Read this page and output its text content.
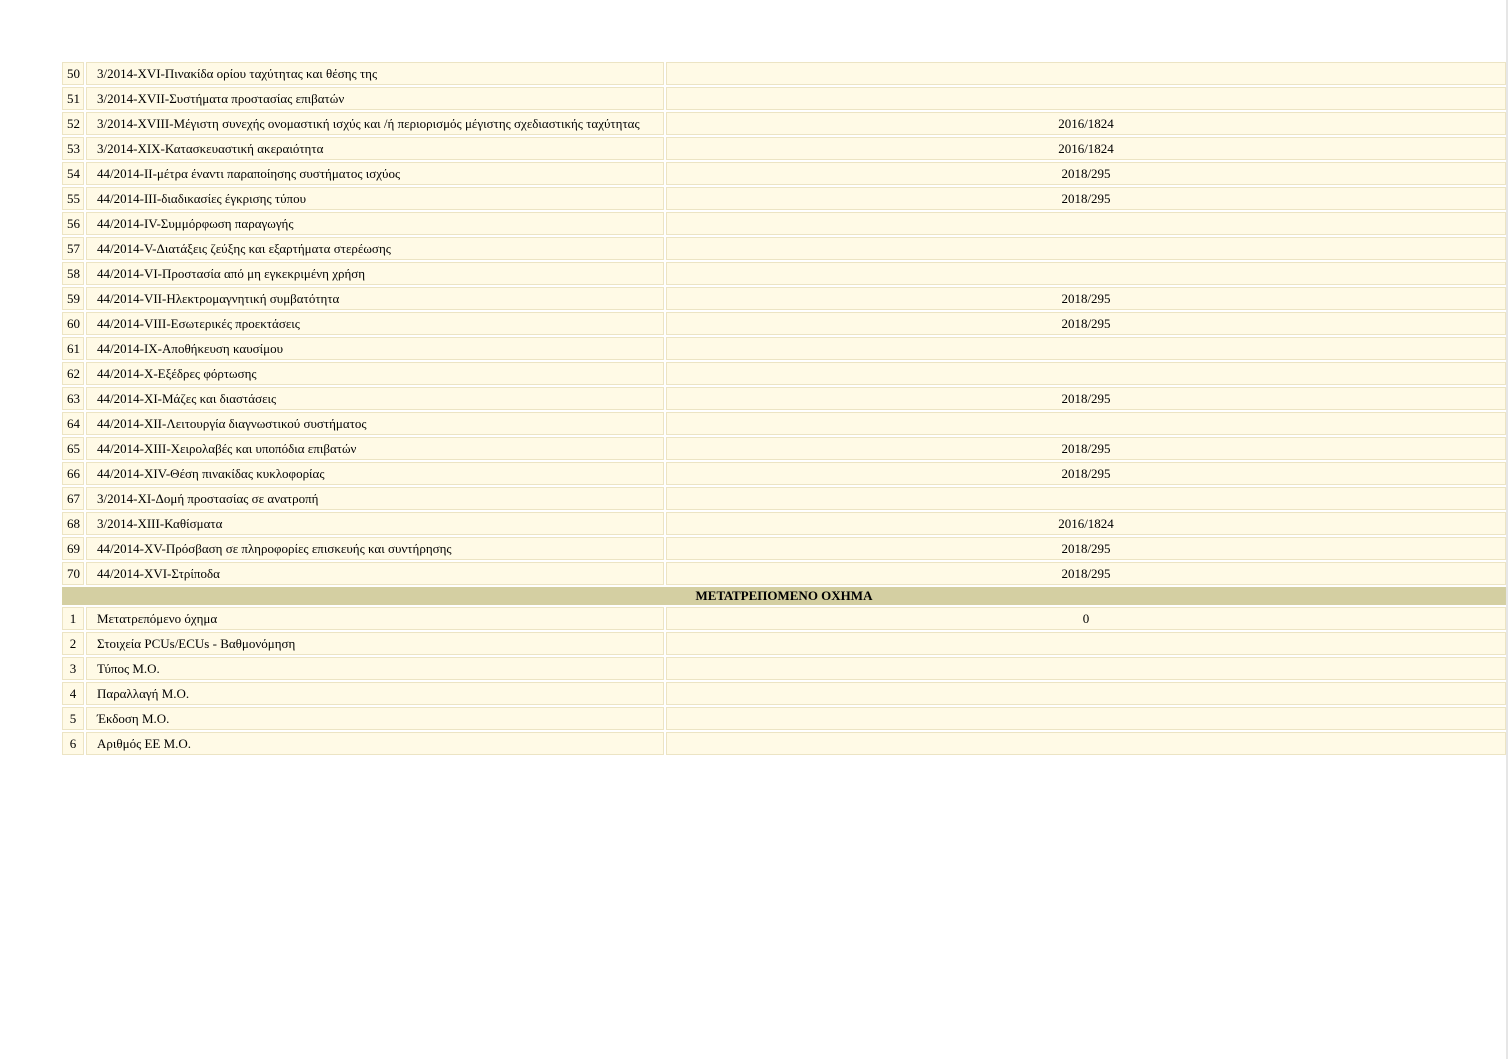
50	3/2014-XVI-Πινακίδα ορίου ταχύτητας και θέσης της	
51	3/2014-XVII-Συστήματα προστασίας επιβατών	
52	3/2014-XVIII-Μέγιστη συνεχής ονομαστική ισχύς και /ή περιορισμός μέγιστης σχεδιαστικής ταχύτητας	2016/1824
53	3/2014-XIX-Κατασκευαστική ακεραιότητα	2016/1824
54	44/2014-II-μέτρα έναντι παραποίησης συστήματος ισχύος	2018/295
55	44/2014-III-διαδικασίες έγκρισης τύπου	2018/295
56	44/2014-IV-Συμμόρφωση παραγωγής	
57	44/2014-V-Διατάξεις ζεύξης και εξαρτήματα στερέωσης	
58	44/2014-VI-Προστασία από μη εγκεκριμένη χρήση	
59	44/2014-VII-Ηλεκτρομαγνητική συμβατότητα	2018/295
60	44/2014-VIII-Εσωτερικές προεκτάσεις	2018/295
61	44/2014-IX-Αποθήκευση καυσίμου	
62	44/2014-X-Εξέδρες φόρτωσης	
63	44/2014-XI-Μάζες και διαστάσεις	2018/295
64	44/2014-XII-Λειτουργία διαγνωστικού συστήματος	
65	44/2014-XIII-Χειρολαβές και υποπόδια επιβατών	2018/295
66	44/2014-XIV-Θέση πινακίδας κυκλοφορίας	2018/295
67	3/2014-XI-Δομή προστασίας σε ανατροπή	
68	3/2014-XIII-Καθίσματα	2016/1824
69	44/2014-XV-Πρόσβαση σε πληροφορίες επισκευής και συντήρησης	2018/295
70	44/2014-XVI-Στρίποδα	2018/295
ΜΕΤΑΤΡΕΠΟΜΕΝΟ ΟΧΗΜΑ		
1	Μετατρεπόμενο όχημα	0
2	Στοιχεία PCUs/ECUs - Βαθμονόμηση	
3	Τύπος Μ.Ο.	
4	Παραλλαγή Μ.Ο.	
5	Έκδοση Μ.Ο.	
6	Αριθμός ΕΕ Μ.Ο.	
